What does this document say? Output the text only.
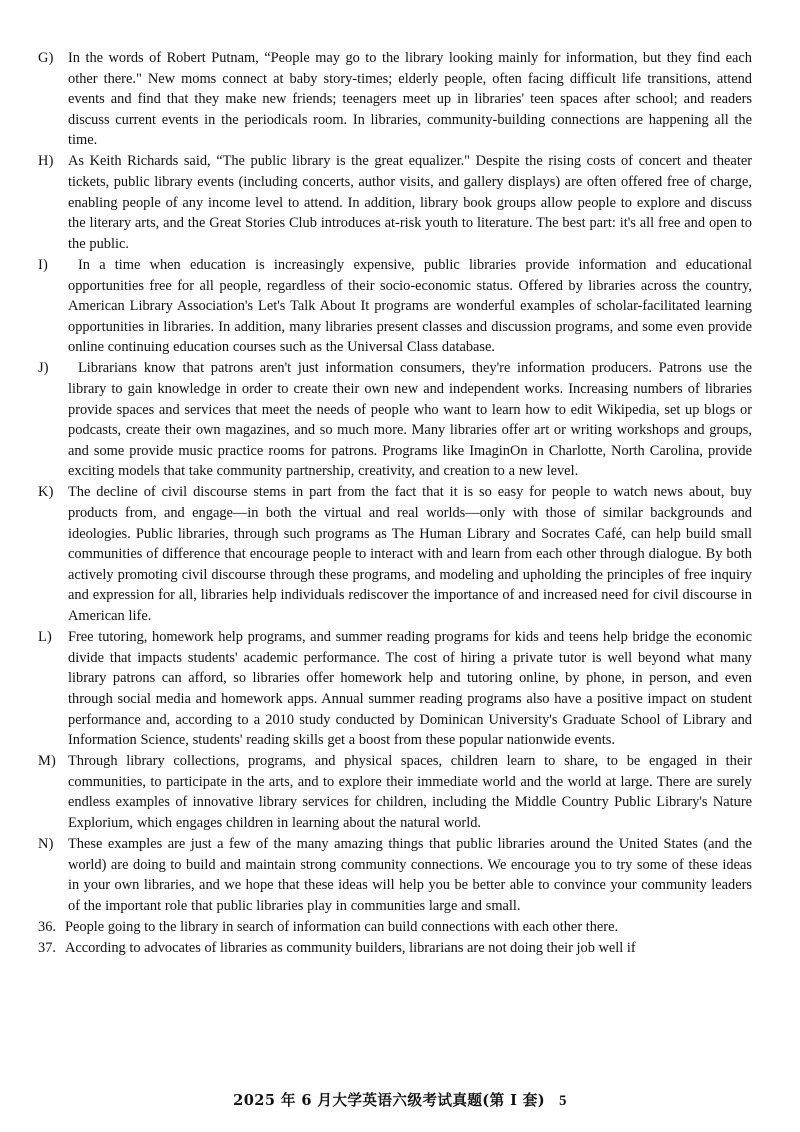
G)	In the words of Robert Putnam, “People may go to the library looking mainly for information, but they find each other there." New moms connect at baby story-times; elderly people, often facing difficult life transitions, attend events and find that they make new friends; teenagers meet up in libraries' teen spaces after school; and readers discuss current events in the periodicals room. In libraries, community-building connections are happening all the time.
H)	As Keith Richards said, “The public library is the great equalizer." Despite the rising costs of concert and theater tickets, public library events (including concerts, author visits, and gallery displays) are often offered free of charge, enabling people of any income level to attend. In addition, library book groups allow people to explore and discuss the literary arts, and the Great Stories Club introduces at-risk youth to literature. The best part: it's all free and open to the public.
I)	In a time when education is increasingly expensive, public libraries provide information and educational opportunities free for all people, regardless of their socio-economic status. Offered by libraries across the country, American Library Association's Let's Talk About It programs are wonderful examples of scholar-facilitated learning opportunities in libraries. In addition, many libraries present classes and discussion programs, and some even provide online continuing education courses such as the Universal Class database.
J)	Librarians know that patrons aren't just information consumers, they're information producers. Patrons use the library to gain knowledge in order to create their own new and independent works. Increasing numbers of libraries provide spaces and services that meet the needs of people who want to learn how to edit Wikipedia, set up blogs or podcasts, create their own magazines, and so much more. Many libraries offer art or writing workshops and groups, and some provide music practice rooms for patrons. Programs like ImaginOn in Charlotte, North Carolina, provide exciting models that take community partnership, creativity, and creation to a new level.
K)	The decline of civil discourse stems in part from the fact that it is so easy for people to watch news about, buy products from, and engage—in both the virtual and real worlds—only with those of similar backgrounds and ideologies. Public libraries, through such programs as The Human Library and Socrates Café, can help build small communities of difference that encourage people to interact with and learn from each other through dialogue. By both actively promoting civil discourse through these programs, and modeling and upholding the principles of free inquiry and expression for all, libraries help individuals rediscover the importance of and increased need for civil discourse in American life.
L)	Free tutoring, homework help programs, and summer reading programs for kids and teens help bridge the economic divide that impacts students' academic performance. The cost of hiring a private tutor is well beyond what many library patrons can afford, so libraries offer homework help and tutoring online, by phone, in person, and even through social media and homework apps. Annual summer reading programs also have a positive impact on student performance and, according to a 2010 study conducted by Dominican University's Graduate School of Library and Information Science, students' reading skills get a boost from these popular nationwide events.
M) Through library collections, programs, and physical spaces, children learn to share, to be engaged in their communities, to participate in the arts, and to explore their immediate world and the world at large. There are surely endless examples of innovative library services for children, including the Middle Country Public Library's Nature Explorium, which engages children in learning about the natural world.
N)	These examples are just a few of the many amazing things that public libraries around the United States (and the world) are doing to build and maintain strong community connections. We encourage you to try some of these ideas in your own libraries, and we hope that these ideas will help you be better able to convince your community leaders of the important role that public libraries play in communities large and small.
36. People going to the library in search of information can build connections with each other there.
37. According to advocates of libraries as community builders, librarians are not doing their job well if
2025 年 6 月大学英语六级考试真题(第 I 套) 5
